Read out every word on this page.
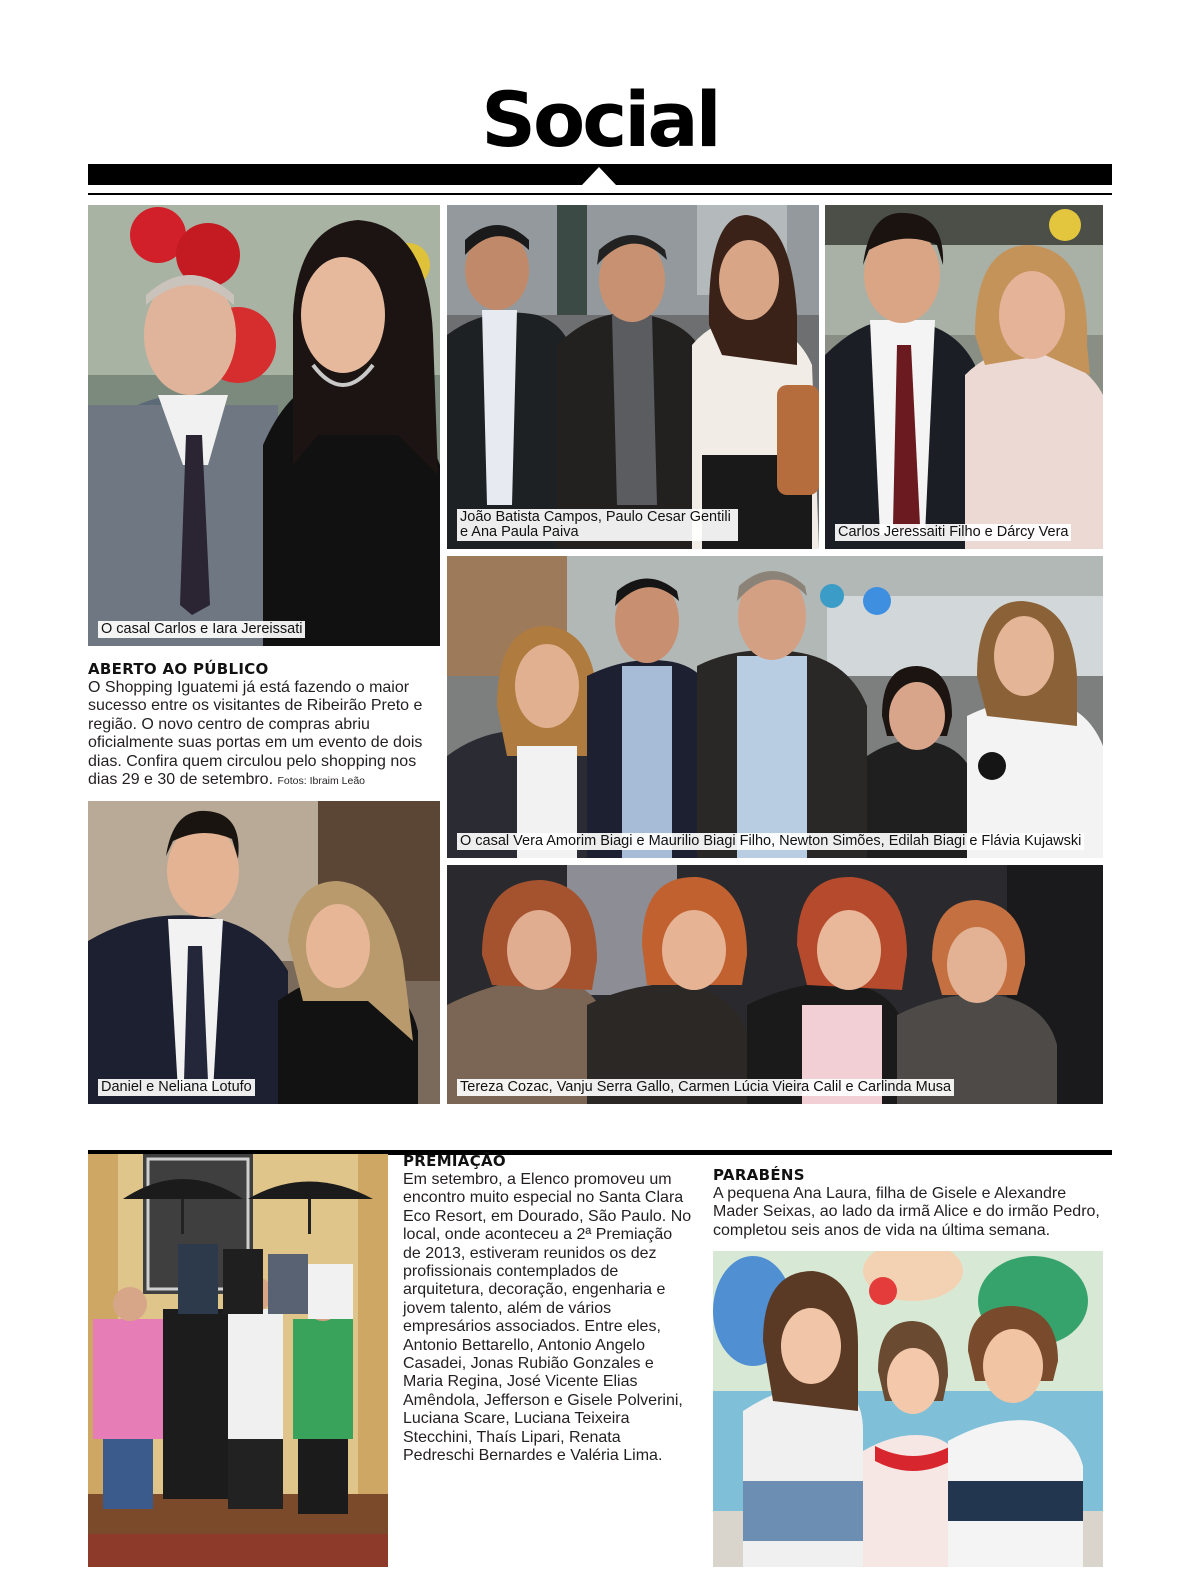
Social
O casal Carlos e Iara Jereissati
João Batista Campos, Paulo Cesar Gentili e Ana Paula Paiva	Carlos Jeressaiti Filho e Dárcy Vera
O casal Vera Amorim Biagi e Maurilio Biagi Filho, Newton Simões, Edilah Biagi e Flávia Kujawski
ABERTO AO PÚBLICO

O Shopping Iguatemi já está fazendo o maior sucesso entre os visitantes de Ribeirão Preto e região. O novo centro de compras abriu oficialmente suas portas em um evento de dois dias. Confira quem circulou pelo shopping nos dias 29 e 30 de setembro. Fotos: Ibraim Leão

Daniel e Neliana Lotufo	Tereza Cozac, Vanju Serra Gallo, Carmen Lúcia Vieira Calil e Carlinda Musa
PREMIAÇÃO

Em setembro, a Elenco promoveu um encontro muito especial no Santa Clara Eco Resort, em Dourado, São Paulo. No local, onde aconteceu a 2ª Premiação de 2013, estiveram reunidos os dez profissionais contemplados de arquitetura, decoração, engenharia e jovem talento, além de vários empresários associados. Entre eles, Antonio Bettarello, Antonio Angelo Casadei, Jonas Rubião Gonzales e Maria Regina, José Vicente Elias Amêndola, Jefferson e Gisele Polverini, Luciana Scare, Luciana Teixeira Stecchini, Thaís Lipari, Renata Pedreschi Bernardes e Valéria Lima.

PARABÉNS

A pequena Ana Laura, filha de Gisele e Alexandre Mader Seixas, ao lado da irmã Alice e do irmão Pedro, completou seis anos de vida na última semana.
